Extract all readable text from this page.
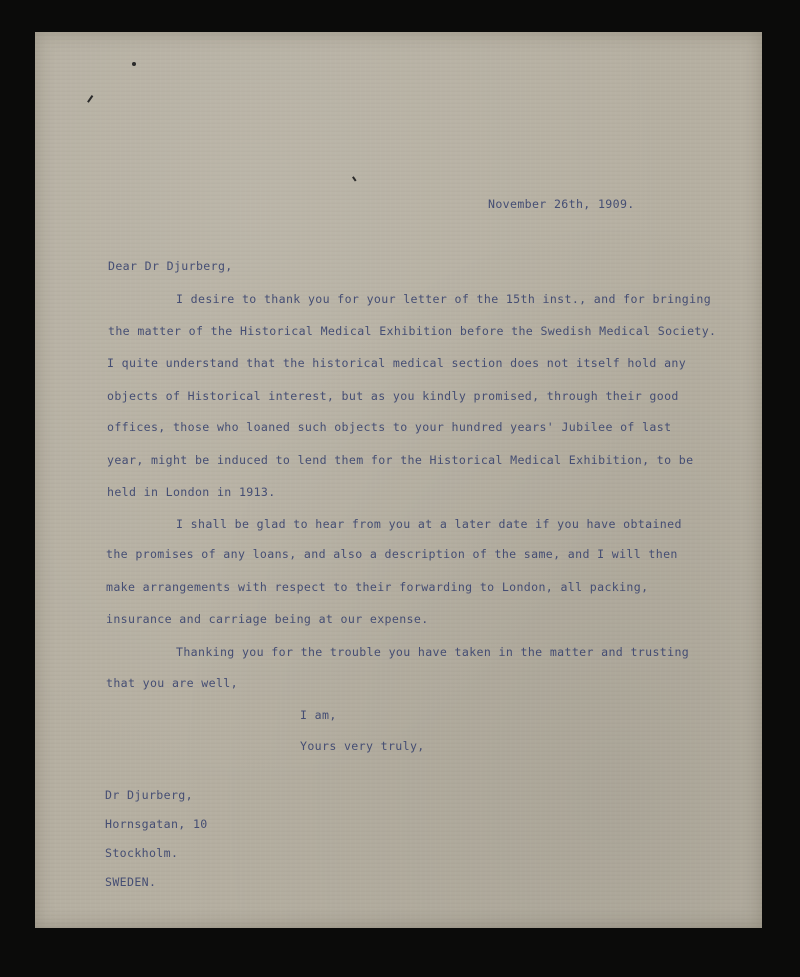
November 26th, 1909.
Dear Dr Djurberg,
I desire to thank you for your letter of the 15th inst., and for bringing
the matter of the Historical Medical Exhibition before the Swedish Medical Society.
I quite understand that the historical medical section does not itself hold any
objects of Historical interest, but as you kindly promised, through their good
offices, those who loaned such objects to your hundred years' Jubilee of last
year, might be induced to lend them for the Historical Medical Exhibition, to be
held in London in 1913.
I shall be glad to hear from you at a later date if you have obtained
the promises of any loans, and also a description of the same, and I will then
make arrangements with respect to their forwarding to London, all packing,
insurance and carriage being at our expense.
Thanking you for the trouble you have taken in the matter and trusting
that you are well,
I am,
Yours very truly,
Dr Djurberg,
Hornsgatan, 10
Stockholm.
SWEDEN.
